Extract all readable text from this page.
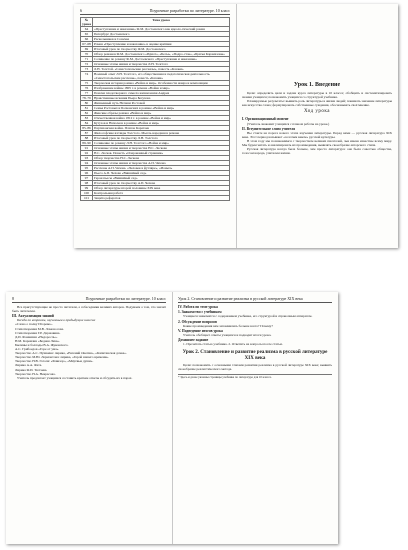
6	Поурочные разработки по литературе. 10 класс
№ урока	Тема урока
64	«Преступление и наказание» Ф.М. Достоевского как идеоло-гический роман
65	Петербург Достоевского
66	Раскольников и Сонечка
67–68	Роман «Преступление и наказание» в оценке критики
69	Итоговый урок по творчеству Ф.М. Достоевского
70	Обзор романов Ф.М. Достоевского «Идиот», «Бесы», «Подро-сток», «Братья Карамазовы»
71	Сочинение по роману Ф.М. Достоевского «Преступление и наказание»
72	Основные этапы жизни и творчества Л.Н. Толстого
73	Л.Н. Толстой. «Севастопольские рассказы», повесть «Казаки»
74	Военный опыт Л.Н. Толстого, его общественная и педагогическая деятельность. «Севастопольские рассказы», повесть «Казаки»
75	Творческая история романа «Война и мир». Особенности жанра и композиции
76	Изображение войны 1805 г. в романе «Война и мир»
77	Поиски плодотворного смысла жизни князя Андрея
78–79	Нравственные искания Пьера Безухова
80	Жизненный путь Наташи Ростовой
81	Семья Ростовых и Болконских в романе «Война и мир»
82	Женские образы романа «Война и мир»
83	Отечественная война 1812 г. в романе «Война и мир»
84	Кутузов и Наполеон в романе «Война и мир»
85–86	Партизанская война. Платон Каратаев
87	Философские взгляды Толстого. Мысль народная в романе
88	Итоговый урок по творчеству Л.Н. Толстого
89–90	Сочинение по роману Л.Н. Толстого «Война и мир»
91	Основные этапы жизни и творчества Н.С. Лескова
92	Н.С. Лесков. Повесть «Очарованный странник»
93	Обзор творчества Н.С. Лескова
94	Основные этапы жизни и творчества А.П. Чехова
95	Рассказы А.П. Чехова. «Человек в футляре», «Ионыч»
96	Пьеса А.П. Чехова «Вишнёвый сад»
97	Герои пьесы «Вишнёвый сад»
98	Итоговый урок по творчеству А.П. Чехова
99	Обзор литературы второй половины XIX века
100	Контрольная работа
101	Защита рефератов
Урок 1. Введение

Цели: определить цели и задачи курса литературы в 10 классе; обобщить и систематизировать знания учащихся; познакомить учащихся со структурой учебника.

Планируемые результаты: выявить роль литературы в жизни людей; понимать значение литературы как искусства слова; формулировать собственные суждения, обосновывать своё мнение.

Ход урока
I. Организационный момент

(Учитель знакомит учащихся с планом работы на уроке.)

II. Вступительное слово учителя

Вы стоите на пороге нового этапа изучения литературы. Перед вами — русская литература XIX века. Этот период называют «золотым веком» русской культуры.

В этом году мы познакомимся с творчеством великих писателей, чьи имена известны всему миру. Мы будем читать и анализировать их произведения, выявлять своеобразие авторского стиля.

Русская литература всегда была больше, чем просто литература: она была совестью общества, голосом народа, учителем жизни.

8	Поурочные разработки по литературе. 10 класс

Все присутствующие не просто читатели, а собеседники великих авторов. Подумаем о том, что значит быть читателем.

III. Актуализация знаний

Беседа по вопросам, изученным в предыдущих классах

«Слово о полку Игореве».
Стихотворения М.В. Ломоносова.
Стихотворения Г.Р. Державина.
Д.И. Фонвизин «Недоросль».
Н.М. Карамзин «Бедная Лиза».
Былины и баллады В.А. Жуковского.
А.С. Грибоедов «Горе от ума».
Творчество А.С. Пушкина: лирика, «Евгений Онегин», «Капитанская дочка».
Творчество М.Ю. Лермонтова: лирика, «Герой нашего времени».
Творчество Н.В. Гоголя: «Ревизор», «Мёртвые души».
Лирика А.А. Фета.
Лирика Ф.И. Тютчева.
Творчество Н.А. Некрасова.

Учитель предлагает учащимся составить краткие ответы и обсудить их в парах.

Урок 2. Становление и развитие реализма в русской литературе XIX века
IV. Работа по теме урока
1. Знакомство с учебником

Учащиеся знакомятся с содержанием учебника, его структурой и справочным аппаратом.

2. Обсуждение вопросов

Какие произведения вам запомнились больше всего? Почему?

V. Подведение итогов урока

Учитель обобщает ответы учащихся и подводит итоги урока.

Домашнее задание

1. Прочитать статью учебника. 2. Ответить на вопросы после статьи.

Урок 2. Становление и развитие реализма в русской литературе XIX века

Цели: познакомить с основными этапами развития реализма в русской литературе XIX века; выявить своеобразие реалистического метода.

* Здесь и далее указаны страницы учебника по литературе для 10 класса.
